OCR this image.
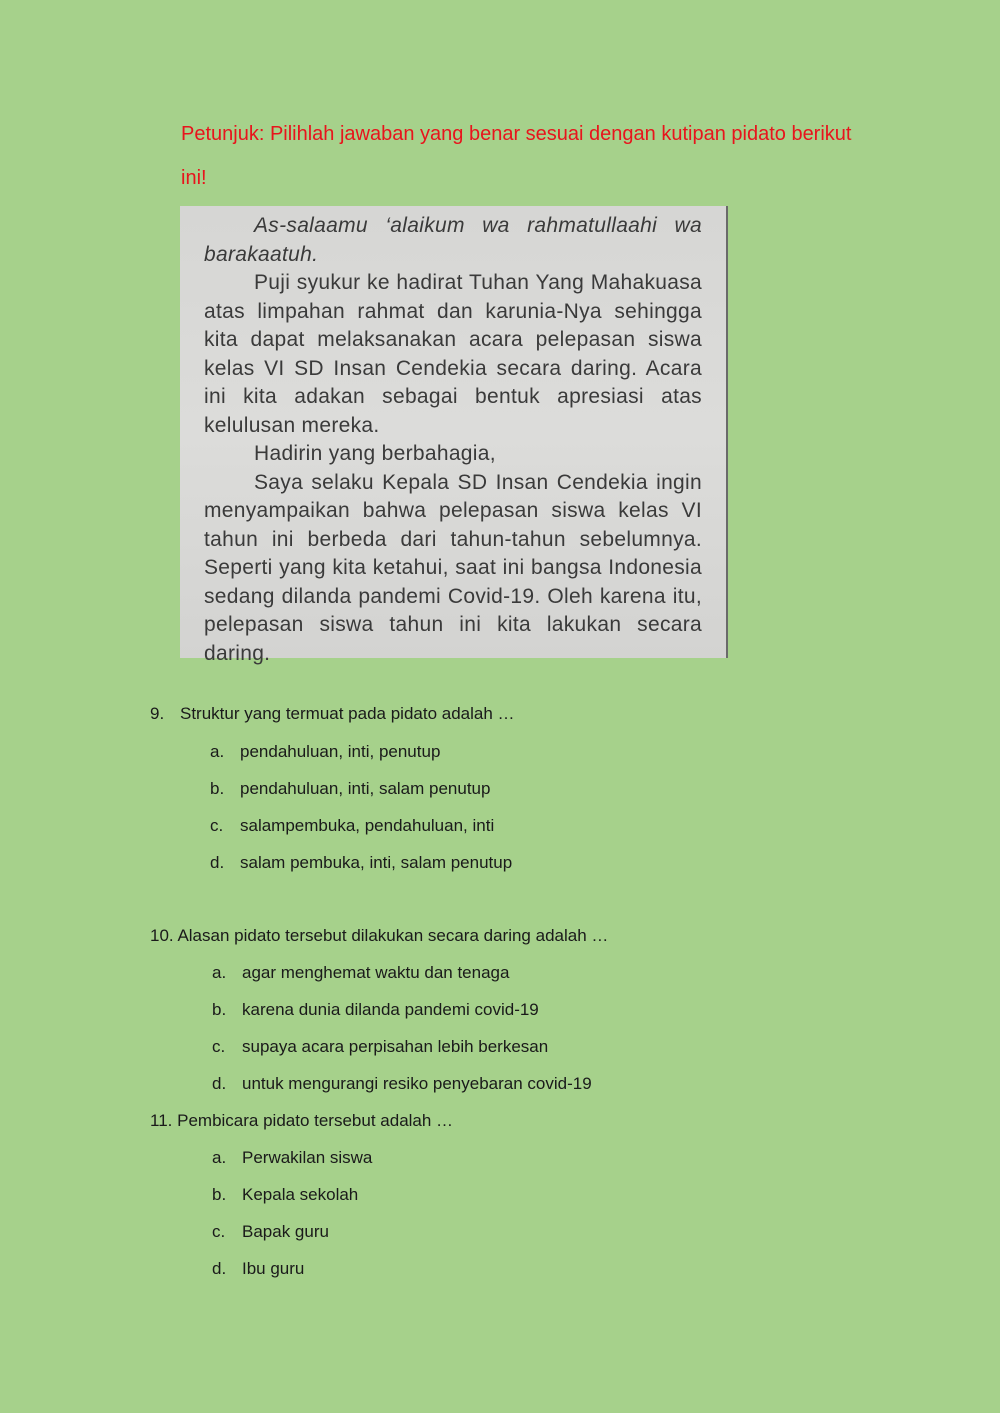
Petunjuk: Pilihlah jawaban yang benar sesuai dengan kutipan pidato berikut ini!

As-salaamu ‘alaikum wa rahmatullaahi wa barakaatuh.

Puji syukur ke hadirat Tuhan Yang Mahakuasa atas limpahan rahmat dan karunia-Nya sehingga kita dapat melaksanakan acara pelepasan siswa kelas VI SD Insan Cendekia secara daring. Acara ini kita adakan sebagai bentuk apresiasi atas kelulusan mereka.

Hadirin yang berbahagia,

Saya selaku Kepala SD Insan Cendekia ingin menyampaikan bahwa pelepasan siswa kelas VI tahun ini berbeda dari tahun-tahun sebelumnya. Seperti yang kita ketahui, saat ini bangsa Indonesia sedang dilanda pandemi Covid-19. Oleh karena itu, pelepasan siswa tahun ini kita lakukan secara daring.

9. Struktur yang termuat pada pidato adalah …
a. pendahuluan, inti, penutup
b. pendahuluan, inti, salam penutup
c. salampembuka, pendahuluan, inti
d. salam pembuka, inti, salam penutup
10. Alasan pidato tersebut dilakukan secara daring adalah …
a. agar menghemat waktu dan tenaga
b. karena dunia dilanda pandemi covid-19
c. supaya acara perpisahan lebih berkesan
d. untuk mengurangi resiko penyebaran covid-19
11. Pembicara pidato tersebut adalah …
a. Perwakilan siswa
b. Kepala sekolah
c. Bapak guru
d. Ibu guru
